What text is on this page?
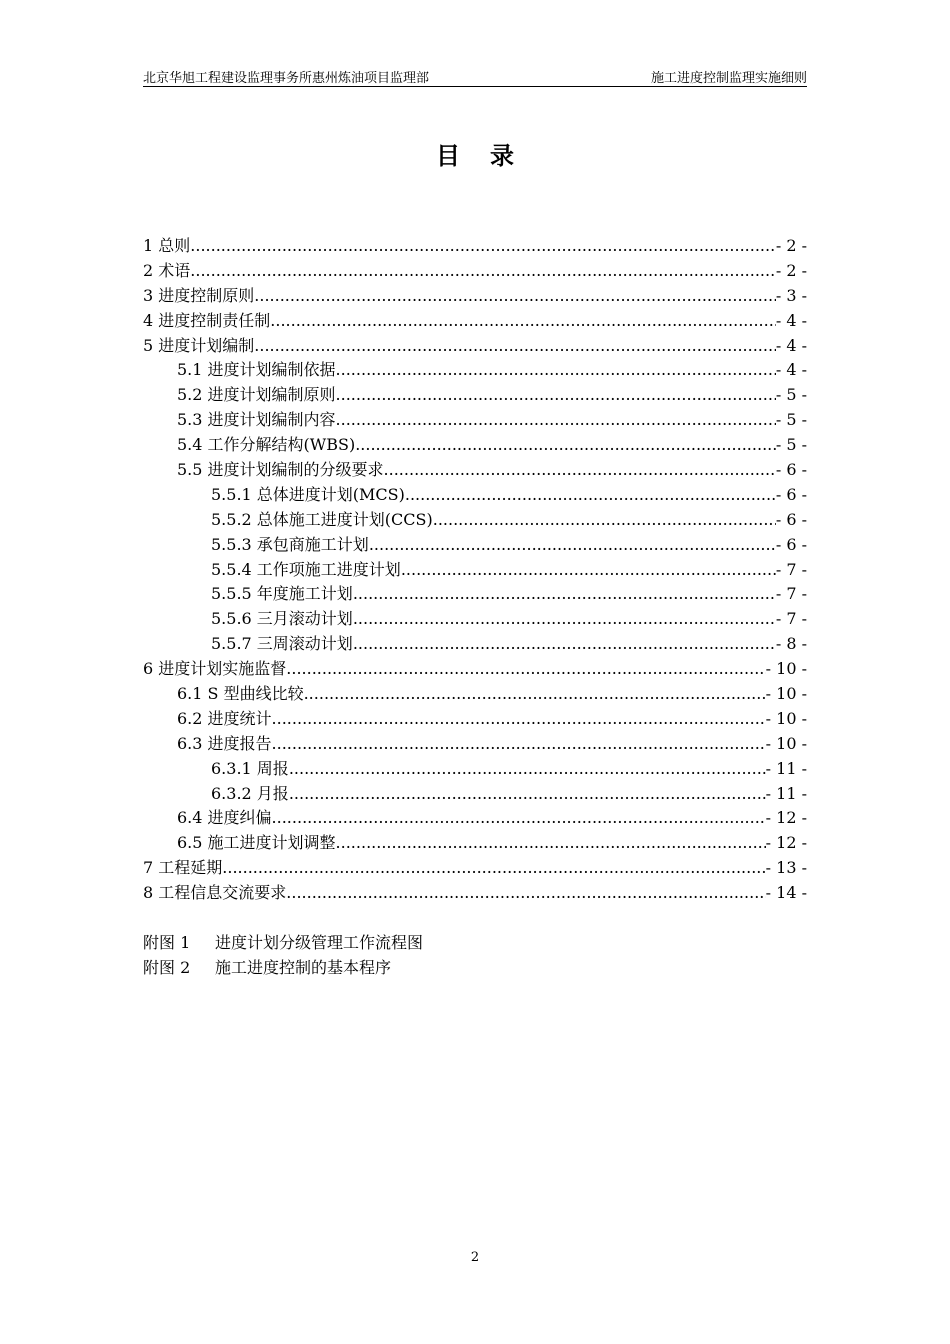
北京华旭工程建设监理事务所惠州炼油项目监理部	施工进度控制监理实施细则
目录
1 总则 .....	- 2 -
2 术语 .....	- 2 -
3 进度控制原则 .....	- 3 -
4 进度控制责任制 .....	- 4 -
5 进度计划编制 .....	- 4 -
5.1 进度计划编制依据 .....	- 4 -
5.2 进度计划编制原则 .....	- 5 -
5.3 进度计划编制内容 .....	- 5 -
5.4 工作分解结构(WBS) .....	- 5 -
5.5 进度计划编制的分级要求 .....	- 6 -
5.5.1 总体进度计划(MCS) .....	- 6 -
5.5.2 总体施工进度计划(CCS) .....	- 6 -
5.5.3 承包商施工计划 .....	- 6 -
5.5.4 工作项施工进度计划 .....	- 7 -
5.5.5 年度施工计划 .....	- 7 -
5.5.6 三月滚动计划 .....	- 7 -
5.5.7 三周滚动计划 .....	- 8 -
6 进度计划实施监督 .....	- 10 -
6.1 S 型曲线比较 .....	- 10 -
6.2 进度统计 .....	- 10 -
6.3 进度报告 .....	- 10 -
6.3.1 周报 .....	- 11 -
6.3.2 月报 .....	- 11 -
6.4 进度纠偏 .....	- 12 -
6.5 施工进度计划调整 .....	- 12 -
7 工程延期 .....	- 13 -
8 工程信息交流要求 .....	- 14 -
附图 1 进度计划分级管理工作流程图
附图 2 施工进度控制的基本程序
2
